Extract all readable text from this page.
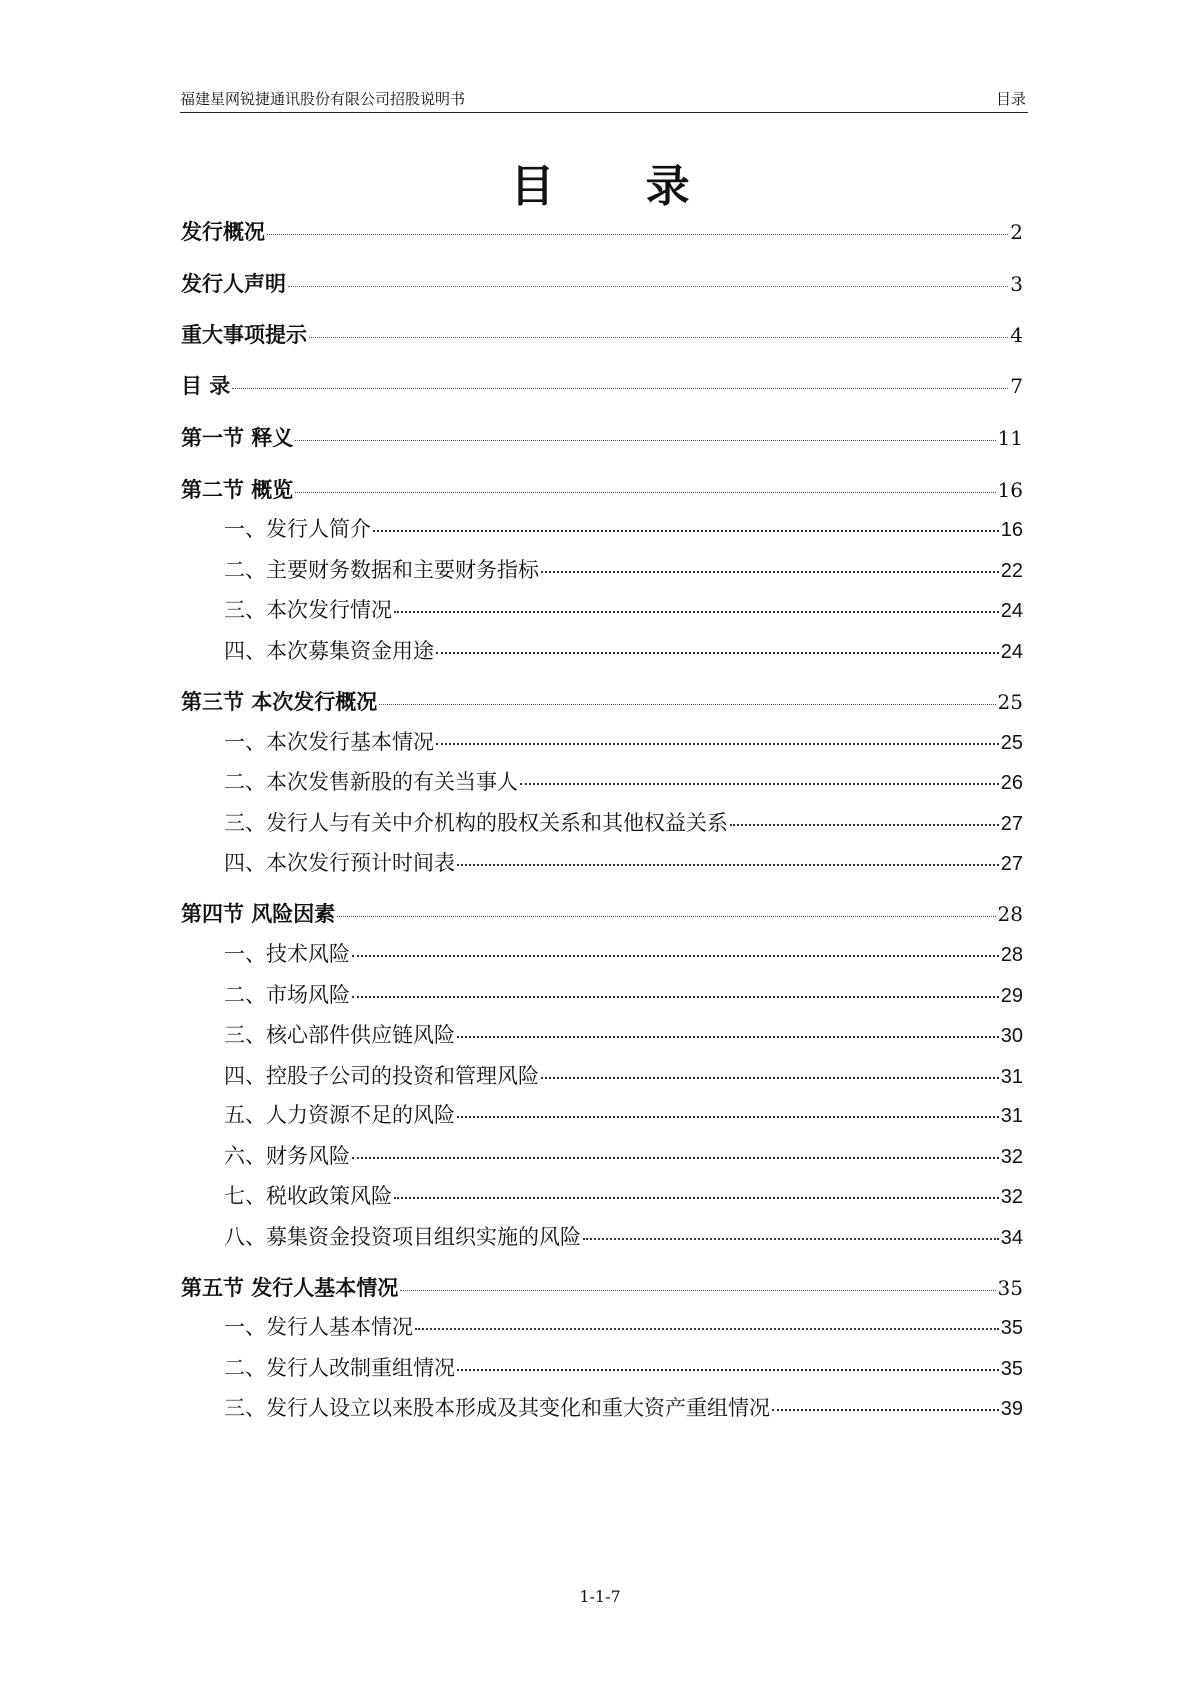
福建星网锐捷通讯股份有限公司招股说明书	目录
目 录
发行概况	2
发行人声明	3
重大事项提示	4
目 录	7
第一节 释义	11
第二节 概览	16
一、发行人简介	16
二、主要财务数据和主要财务指标	22
三、本次发行情况	24
四、本次募集资金用途	24
第三节 本次发行概况	25
一、本次发行基本情况	25
二、本次发售新股的有关当事人	26
三、发行人与有关中介机构的股权关系和其他权益关系	27
四、本次发行预计时间表	27
第四节 风险因素	28
一、技术风险	28
二、市场风险	29
三、核心部件供应链风险	30
四、控股子公司的投资和管理风险	31
五、人力资源不足的风险	31
六、财务风险	32
七、税收政策风险	32
八、募集资金投资项目组织实施的风险	34
第五节 发行人基本情况	35
一、发行人基本情况	35
二、发行人改制重组情况	35
三、发行人设立以来股本形成及其变化和重大资产重组情况	39
1-1-7
